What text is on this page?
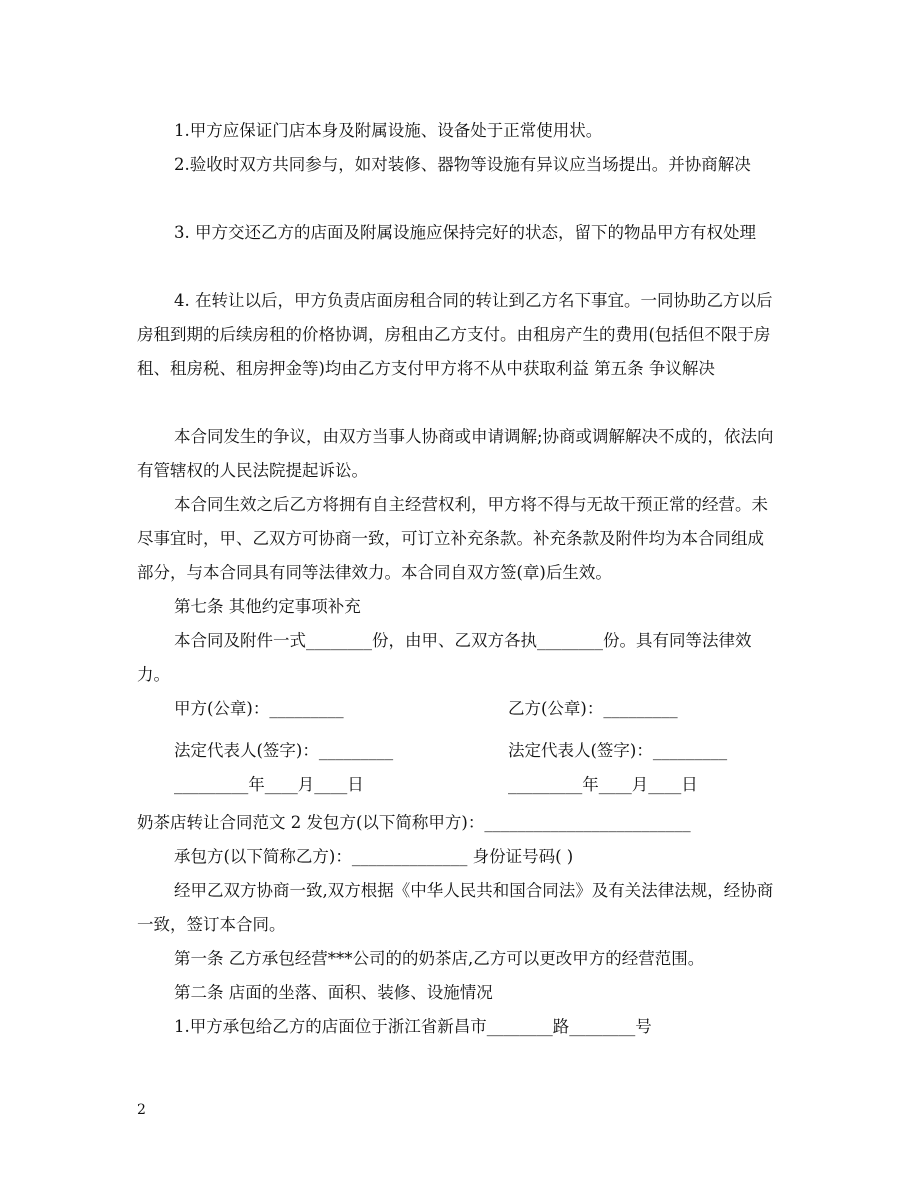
1.甲方应保证门店本身及附属设施、设备处于正常使用状。

2.验收时双方共同参与，如对装修、器物等设施有异议应当场提出。并协商解决

3. 甲方交还乙方的店面及附属设施应保持完好的状态，留下的物品甲方有权处理

4. 在转让以后，甲方负责店面房租合同的转让到乙方名下事宜。一同协助乙方以后房租到期的后续房租的价格协调，房租由乙方支付。由租房产生的费用(包括但不限于房租、租房税、租房押金等)均由乙方支付甲方将不从中获取利益 第五条 争议解决

本合同发生的争议，由双方当事人协商或申请调解;协商或调解解决不成的，依法向有管辖权的人民法院提起诉讼。

本合同生效之后乙方将拥有自主经营权利，甲方将不得与无故干预正常的经营。未尽事宜时，甲、乙双方可协商一致，可订立补充条款。补充条款及附件均为本合同组成部分，与本合同具有同等法律效力。本合同自双方签(章)后生效。

第七条 其他约定事项补充

本合同及附件一式________份，由甲、乙双方各执________份。具有同等法律效力。

甲方(公章)：_________	乙方(公章)：_________
法定代表人(签字)：_________	法定代表人(签字)：_________
_________年____月____日	_________年____月____日
奶茶店转让合同范文 2 发包方(以下简称甲方)：_________________________
承包方(以下简称乙方)：______________ 身份证号码( )

经甲乙双方协商一致,双方根据《中华人民共和国合同法》及有关法律法规，经协商一致，签订本合同。

第一条 乙方承包经营***公司的的奶茶店,乙方可以更改甲方的经营范围。

第二条 店面的坐落、面积、装修、设施情况

1.甲方承包给乙方的店面位于浙江省新昌市________路________号

2
